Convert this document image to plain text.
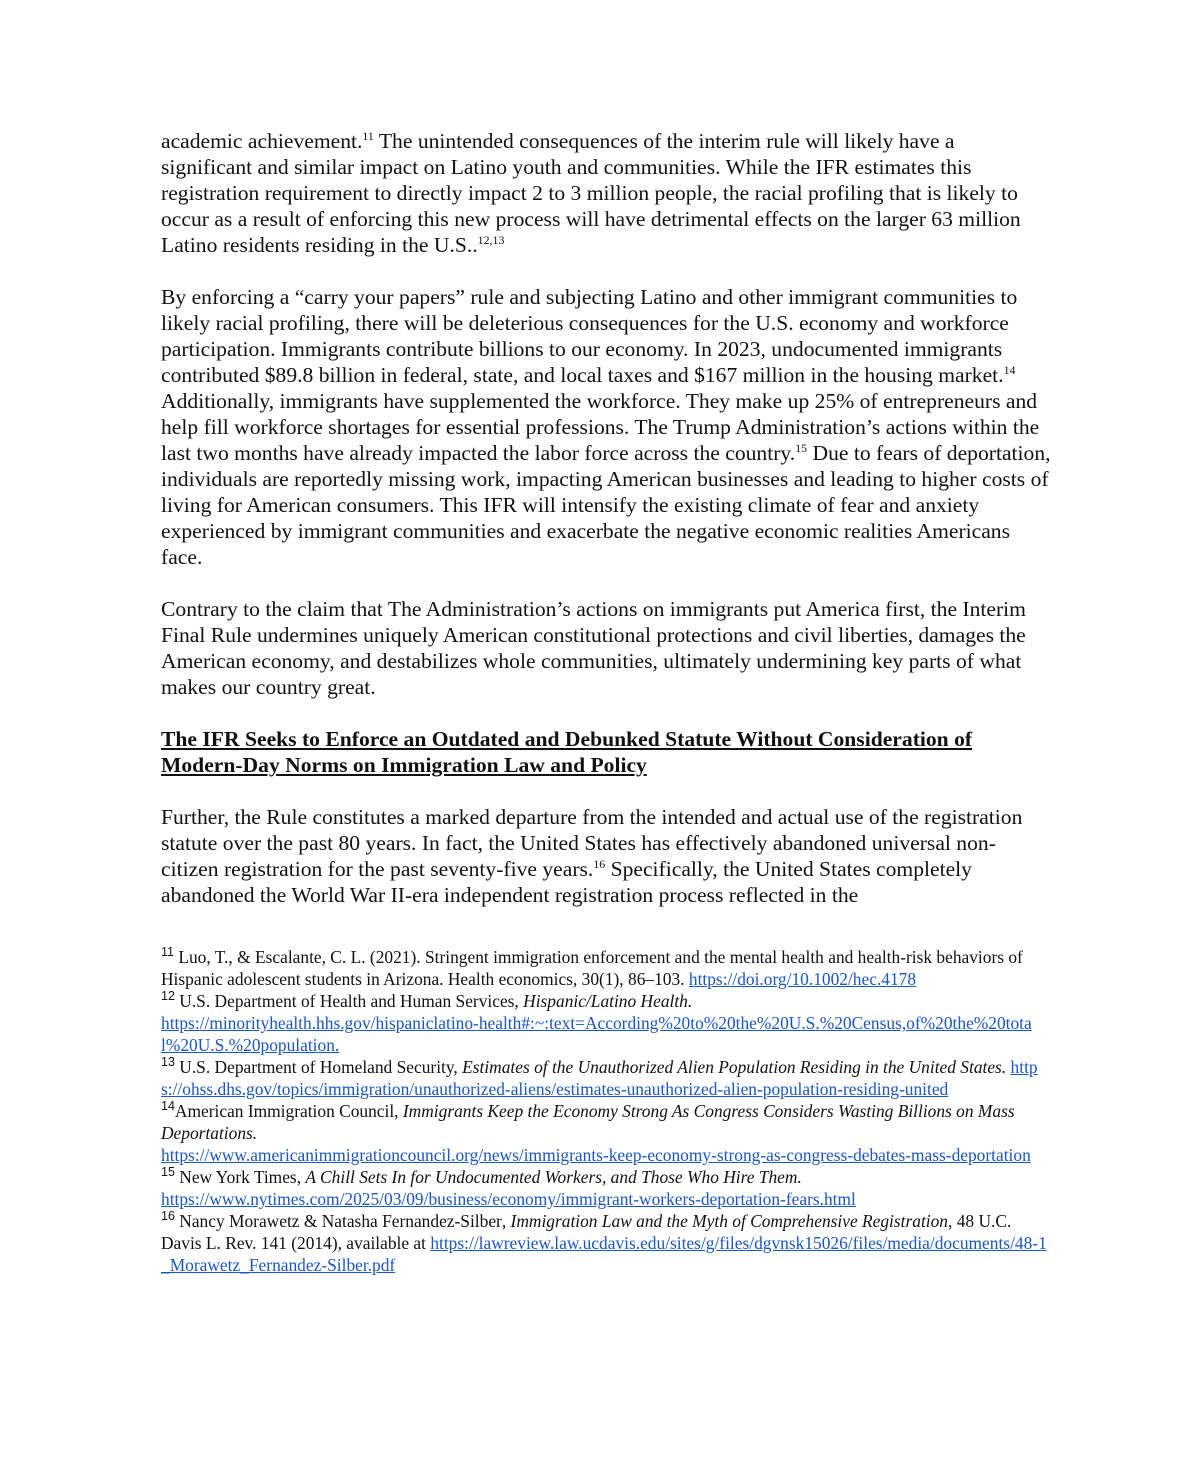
academic achievement.$^{11}$ The unintended consequences of the interim rule will likely have a significant and similar impact on Latino youth and communities. While the IFR estimates this registration requirement to directly impact 2 to 3 million people, the racial profiling that is likely to occur as a result of enforcing this new process will have detrimental effects on the larger 63 million Latino residents residing in the U.S..$^{12,13}$

By enforcing a “carry your papers” rule and subjecting Latino and other immigrant communities to likely racial profiling, there will be deleterious consequences for the U.S. economy and workforce participation. Immigrants contribute billions to our economy. In 2023, undocumented immigrants contributed $89.8 billion in federal, state, and local taxes and $167 million in the housing market.$^{14}$ Additionally, immigrants have supplemented the workforce. They make up 25% of entrepreneurs and help fill workforce shortages for essential professions. The Trump Administration’s actions within the last two months have already impacted the labor force across the country.$^{15}$ Due to fears of deportation, individuals are reportedly missing work, impacting American businesses and leading to higher costs of living for American consumers. This IFR will intensify the existing climate of fear and anxiety experienced by immigrant communities and exacerbate the negative economic realities Americans face.

Contrary to the claim that The Administration’s actions on immigrants put America first, the Interim Final Rule undermines uniquely American constitutional protections and civil liberties, damages the American economy, and destabilizes whole communities, ultimately undermining key parts of what makes our country great.

The IFR Seeks to Enforce an Outdated and Debunked Statute Without Consideration of Modern-Day Norms on Immigration Law and Policy

Further, the Rule constitutes a marked departure from the intended and actual use of the registration statute over the past 80 years. In fact, the United States has effectively abandoned universal non-citizen registration for the past seventy-five years.$^{16}$ Specifically, the United States completely abandoned the World War II-era independent registration process reflected in the

$^{11}$ Luo, T., & Escalante, C. L. (2021). Stringent immigration enforcement and the mental health and health-risk behaviors of Hispanic adolescent students in Arizona. Health economics, 30(1), 86–103. https://doi.org/10.1002/hec.4178

$^{12}$ U.S. Department of Health and Human Services, Hispanic/Latino Health.
https://minorityhealth.hhs.gov/hispaniclatino-health#:~:text=According%20to%20the%20U.S.%20Census,of%20the%20total%20U.S.%20population.

$^{13}$ U.S. Department of Homeland Security, Estimates of the Unauthorized Alien Population Residing in the United States. https://ohss.dhs.gov/topics/immigration/unauthorized-aliens/estimates-unauthorized-alien-population-residing-united

$^{14}$American Immigration Council, Immigrants Keep the Economy Strong As Congress Considers Wasting Billions on Mass Deportations.
https://www.americanimmigrationcouncil.org/news/immigrants-keep-economy-strong-as-congress-debates-mass-deportation

$^{15}$ New York Times, A Chill Sets In for Undocumented Workers, and Those Who Hire Them.
https://www.nytimes.com/2025/03/09/business/economy/immigrant-workers-deportation-fears.html

$^{16}$ Nancy Morawetz & Natasha Fernandez-Silber, Immigration Law and the Myth of Comprehensive Registration, 48 U.C. Davis L. Rev. 141 (2014), available at https://lawreview.law.ucdavis.edu/sites/g/files/dgvnsk15026/files/media/documents/48-1_Morawetz_Fernandez-Silber.pdf
